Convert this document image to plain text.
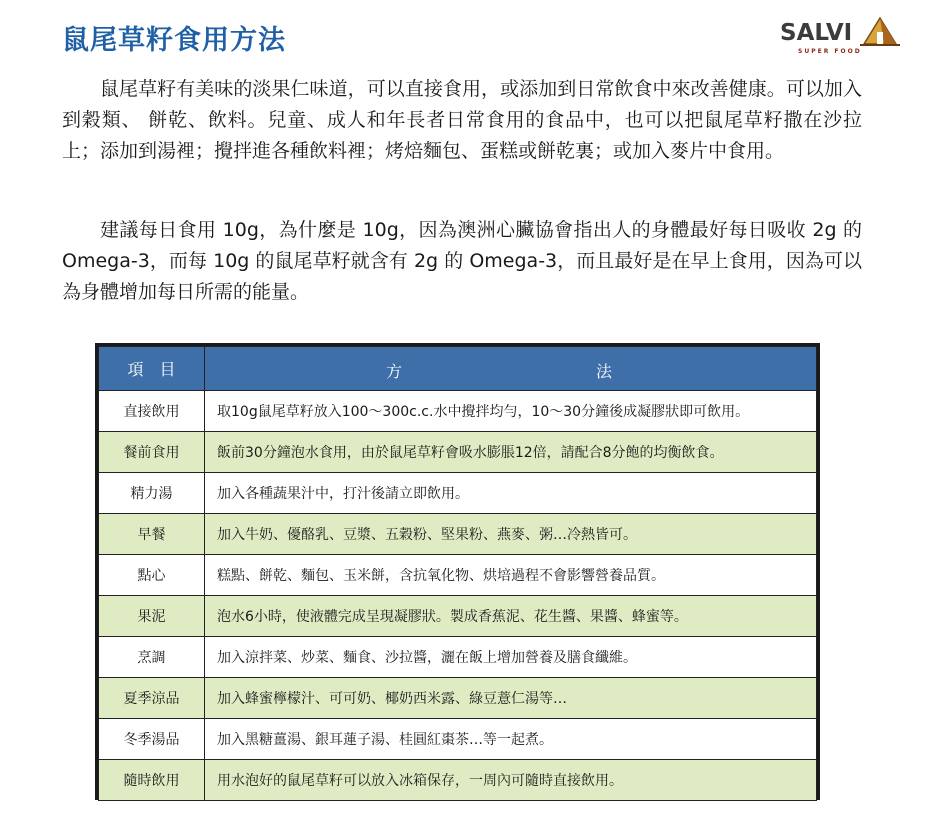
鼠尾草籽食用方法	SALVI
SUPER FOOD
鼠尾草籽有美味的淡果仁味道，可以直接食用，或添加到日常飲食中來改善健康。可以加入到穀類、 餅乾、飲料。兒童、成人和年長者日常食用的食品中，也可以把鼠尾草籽撒在沙拉上；添加到湯裡；攪拌進各種飲料裡；烤焙麵包、蛋糕或餅乾裏；或加入麥片中食用。
建議每日食用 10g，為什麼是 10g，因為澳洲心臟協會指出人的身體最好每日吸收 2g 的 Omega-3，而每 10g 的鼠尾草籽就含有 2g 的 Omega-3，而且最好是在早上食用，因為可以為身體增加每日所需的能量。
項　目	方 法

直接飲用	取10g鼠尾草籽放入100～300c.c.水中攪拌均勻，10～30分鐘後成凝膠狀即可飲用。
餐前食用	飯前30分鐘泡水食用，由於鼠尾草籽會吸水膨脹12倍，請配合8分飽的均衡飲食。
精力湯	加入各種蔬果汁中，打汁後請立即飲用。
早餐	加入牛奶、優酪乳、豆漿、五穀粉、堅果粉、燕麥、粥…冷熱皆可。
點心	糕點、餅乾、麵包、玉米餅，含抗氧化物、烘培過程不會影響營養品質。
果泥	泡水6小時，使液體完成呈現凝膠狀。製成香蕉泥、花生醬、果醬、蜂蜜等。
烹調	加入涼拌菜、炒菜、麵食、沙拉醬，灑在飯上增加營養及膳食纖維。
夏季涼品	加入蜂蜜檸檬汁、可可奶、椰奶西米露、綠豆薏仁湯等…
冬季湯品	加入黑糖薑湯、銀耳蓮子湯、桂圓紅棗茶…等一起煮。
隨時飲用	用水泡好的鼠尾草籽可以放入冰箱保存，一周內可隨時直接飲用。
